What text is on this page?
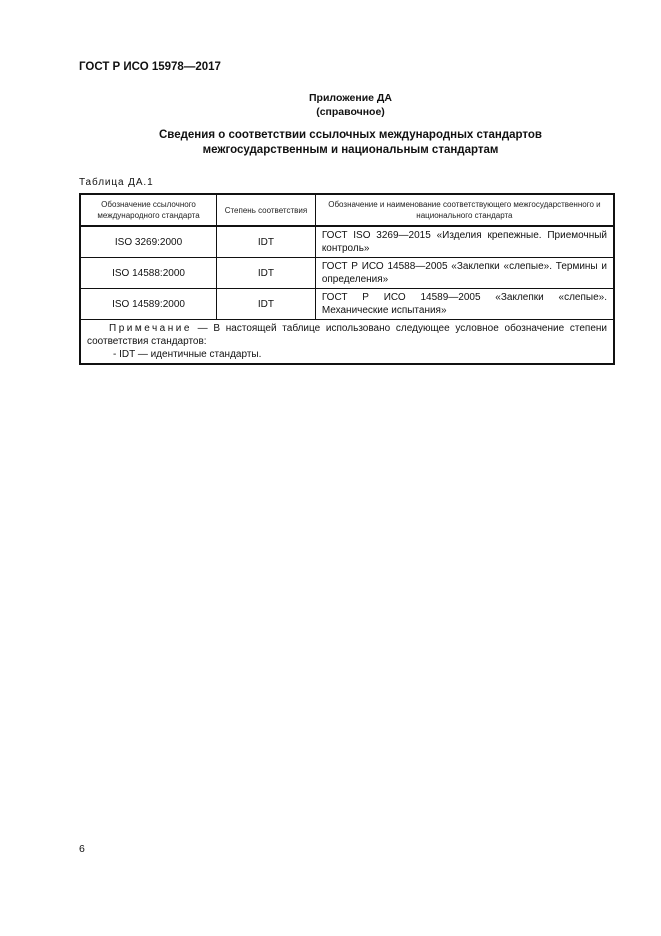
ГОСТ Р ИСО 15978—2017
Приложение ДА
(справочное)
Сведения о соответствии ссылочных международных стандартов
межгосударственным и национальным стандартам
Таблица ДА.1
Обозначение ссылочного международного стандарта	Степень соответствия	Обозначение и наименование соответствующего межгосударственного и национального стандарта
ISO 3269:2000	IDT	ГОСТ ISO 3269—2015 «Изделия крепежные. Приемочный контроль»
ISO 14588:2000	IDT	ГОСТ Р ИСО 14588—2005 «Заклепки «слепые». Термины и определения»
ISO 14589:2000	IDT	ГОСТ Р ИСО 14589—2005 «Заклепки «слепые». Механические испытания»

Примечание — В настоящей таблице использовано следующее условное обозначение степени соответствия стандартов:
- IDT — идентичные стандарты.		
6
